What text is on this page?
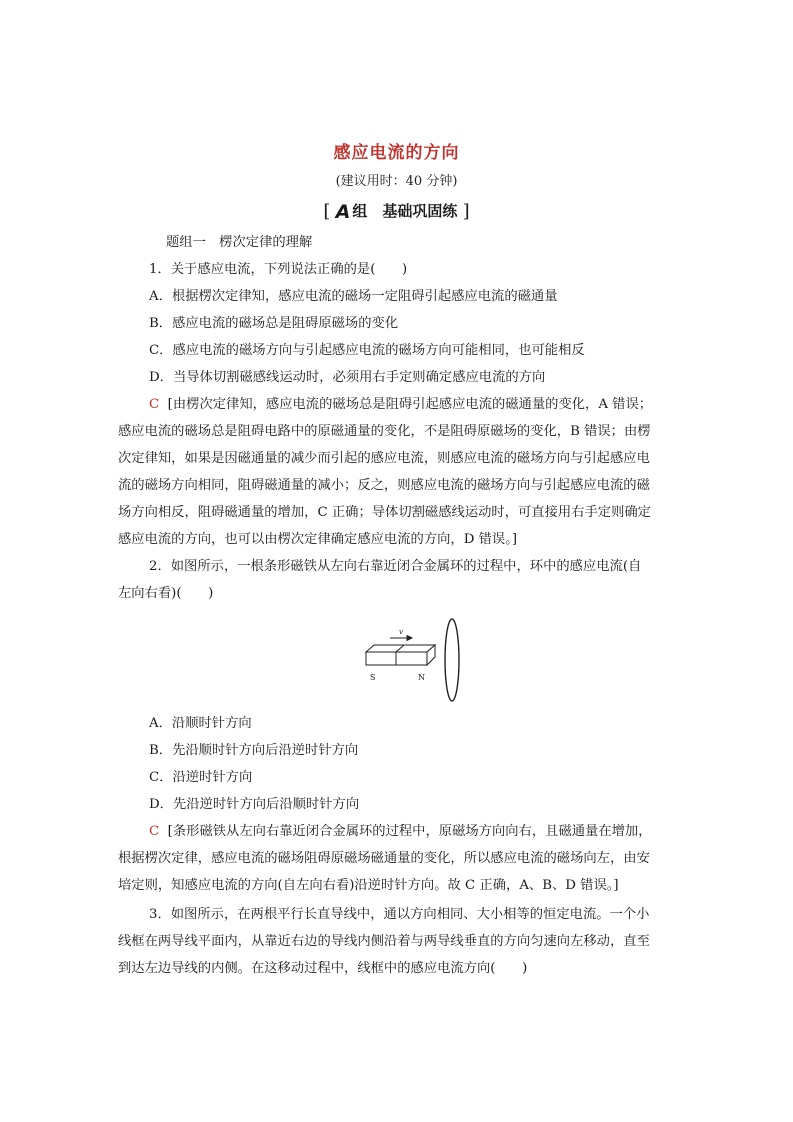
感应电流的方向
(建议用时：40 分钟)
[ A 组　基础巩固练 ]
题组一　楞次定律的理解
1．关于感应电流，下列说法正确的是(　　)
A．根据楞次定律知，感应电流的磁场一定阻碍引起感应电流的磁通量
B．感应电流的磁场总是阻碍原磁场的变化
C．感应电流的磁场方向与引起感应电流的磁场方向可能相同，也可能相反
D．当导体切割磁感线运动时，必须用右手定则确定感应电流的方向
C [由楞次定律知，感应电流的磁场总是阻碍引起感应电流的磁通量的变化，A 错误；
感应电流的磁场总是阻碍电路中的原磁通量的变化，不是阻碍原磁场的变化，B 错误；由楞
次定律知，如果是因磁通量的减少而引起的感应电流，则感应电流的磁场方向与引起感应电
流的磁场方向相同，阻碍磁通量的减小；反之，则感应电流的磁场方向与引起感应电流的磁
场方向相反，阻碍磁通量的增加，C 正确；导体切割磁感线运动时，可直接用右手定则确定
感应电流的方向，也可以由楞次定律确定感应电流的方向，D 错误。]
2．如图所示，一根条形磁铁从左向右靠近闭合金属环的过程中，环中的感应电流(自
左向右看)(　　)
v
S	N
A．沿顺时针方向
B．先沿顺时针方向后沿逆时针方向
C．沿逆时针方向
D．先沿逆时针方向后沿顺时针方向
C [条形磁铁从左向右靠近闭合金属环的过程中，原磁场方向向右，且磁通量在增加，
根据楞次定律，感应电流的磁场阻碍原磁场磁通量的变化，所以感应电流的磁场向左，由安
培定则，知感应电流的方向(自左向右看)沿逆时针方向。故 C 正确，A、B、D 错误。]
3．如图所示，在两根平行长直导线中，通以方向相同、大小相等的恒定电流。一个小
线框在两导线平面内，从靠近右边的导线内侧沿着与两导线垂直的方向匀速向左移动，直至
到达左边导线的内侧。在这移动过程中，线框中的感应电流方向(　　)
